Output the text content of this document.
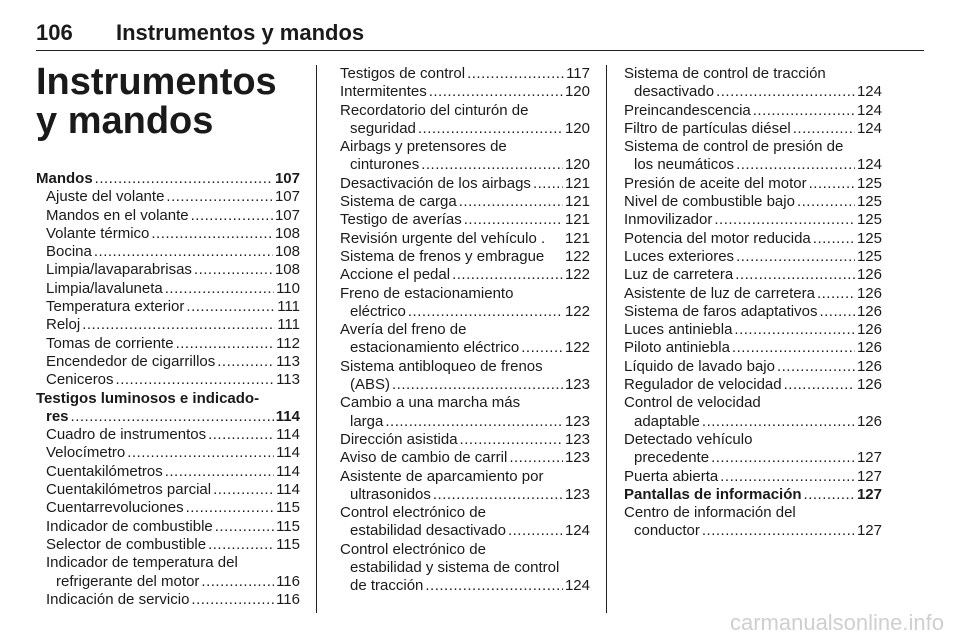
106 Instrumentos y mandos
Instrumentos y mandos
Mandos .....	107
Ajuste del volante .....	107
Mandos en el volante .....	107
Volante térmico .....	108
Bocina .....	108
Limpia/lavaparabrisas .....	108
Limpia/lavaluneta .....	110
Temperatura exterior .....	111
Reloj .....	111
Tomas de corriente .....	112
Encendedor de cigarrillos .....	113
Ceniceros .....	113
Testigos luminosos e indicado-
res .....	114
Cuadro de instrumentos .....	114
Velocímetro .....	114
Cuentakilómetros .....	114
Cuentakilómetros parcial .....	114
Cuentarrevoluciones .....	115
Indicador de combustible .....	115
Selector de combustible .....	115
Indicador de temperatura del
refrigerante del motor .....	116
Indicación de servicio .....	116
Testigos de control .....	117
Intermitentes .....	120
Recordatorio del cinturón de
seguridad .....	120
Airbags y pretensores de
cinturones .....	120
Desactivación de los airbags ..... 121
Sistema de carga .....	121
Testigo de averías .....	121
Revisión urgente del vehículo . 121
Sistema de frenos y embrague 122
Accione el pedal .....	122
Freno de estacionamiento
eléctrico .....	122
Avería del freno de
estacionamiento eléctrico .....	122
Sistema antibloqueo de frenos
(ABS) .....	123
Cambio a una marcha más
larga .....	123
Dirección asistida .....	123
Aviso de cambio de carril .....	123
Asistente de aparcamiento por
ultrasonidos .....	123
Control electrónico de
estabilidad desactivado .....	124
Control electrónico de
estabilidad y sistema de control
de tracción .....	124
Sistema de control de tracción
desactivado .....	124
Preincandescencia .....	124
Filtro de partículas diésel .....	124
Sistema de control de presión de
los neumáticos .....	124
Presión de aceite del motor .....	125
Nivel de combustible bajo .....	125
Inmovilizador .....	125
Potencia del motor reducida .....	125
Luces exteriores .....	125
Luz de carretera .....	126
Asistente de luz de carretera .....	126
Sistema de faros adaptativos .....	126
Luces antiniebla .....	126
Piloto antiniebla .....	126
Líquido de lavado bajo .....	126
Regulador de velocidad .....	126
Control de velocidad
adaptable .....	126
Detectado vehículo
precedente .....	127
Puerta abierta .....	127
Pantallas de información .....	127
Centro de información del
conductor .....	127
carmanualsonline.info
